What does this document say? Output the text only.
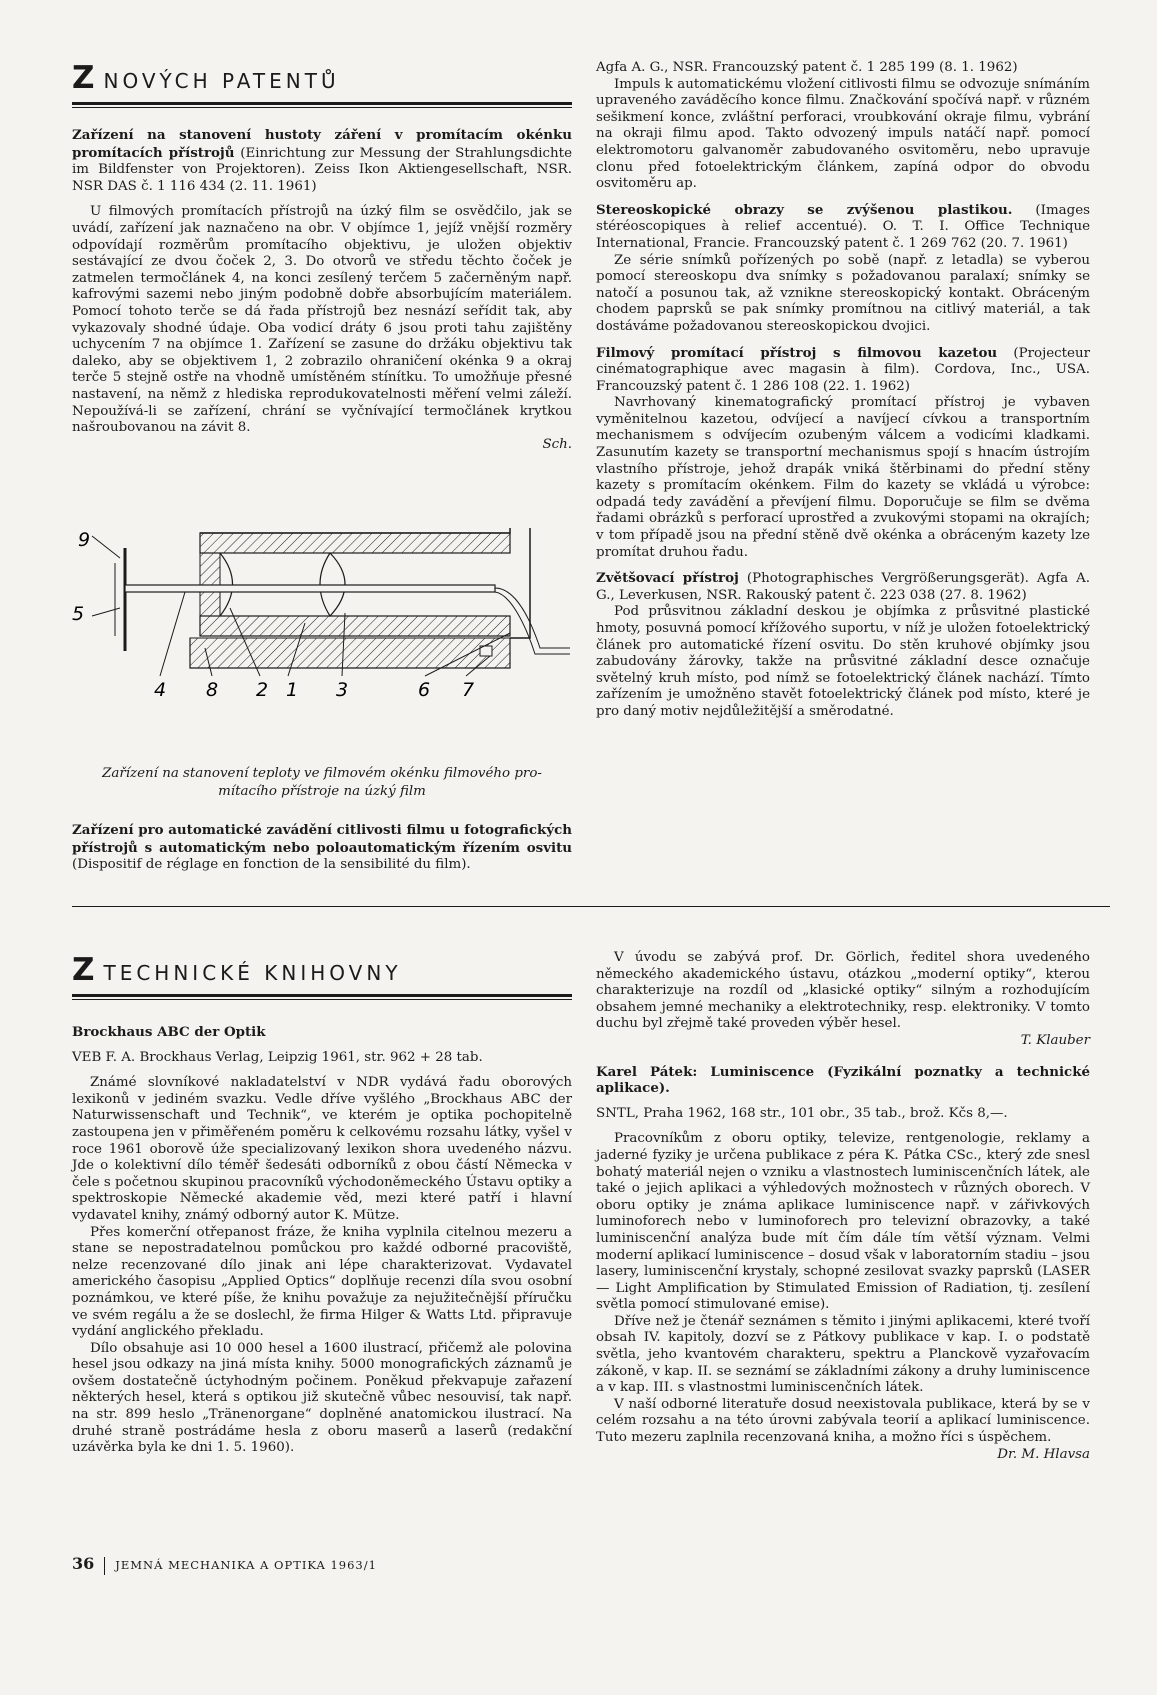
ZNOVÝCH PATENTŮ

Zařízení na stanovení hustoty záření v promítacím okénku promítacích přístrojů (Einrichtung zur Messung der Strahlungsdichte im Bildfenster von Projektoren). Zeiss Ikon Aktiengesellschaft, NSR. NSR DAS č. 1 116 434 (2. 11. 1961)

U filmových promítacích přístrojů na úzký film se osvědčilo, jak se uvádí, zařízení jak naznačeno na obr. V objímce 1, jejíž vnější rozměry odpovídají rozměrům promítacího objektivu, je uložen objektiv sestávající ze dvou čoček 2, 3. Do otvorů ve středu těchto čoček je zatmelen termočlánek 4, na konci zesílený terčem 5 začerněným např. kafrovými sazemi nebo jiným podobně dobře absorbujícím materiálem. Pomocí tohoto terče se dá řada přístrojů bez nesnází seřídit tak, aby vykazovaly shodné údaje. Oba vodicí dráty 6 jsou proti tahu zajištěny uchycením 7 na objímce 1. Zařízení se zasune do držáku objektivu tak daleko, aby se objektivem 1, 2 zobrazilo ohraničení okénka 9 a okraj terče 5 stejně ostře na vhodně umístěném stínítku. To umožňuje přesné nastavení, na němž z hlediska reprodukovatelnosti měření velmi záleží. Nepoužívá-li se zařízení, chrání se vyčnívající termočlánek krytkou našroubovanou na závit 8.

Sch.

9
5
4 8 2 1 3	6 7
Zařízení na stanovení teploty ve filmovém okénku filmového pro-
mítacího přístroje na úzký film

Zařízení pro automatické zavádění citlivosti filmu u fotografických přístrojů s automatickým nebo poloautomatickým řízením osvitu (Dispositif de réglage en fonction de la sensibilité du film).

Agfa A. G., NSR. Francouzský patent č. 1 285 199 (8. 1. 1962)

Impuls k automatickému vložení citlivosti filmu se odvozuje snímáním upraveného zaváděcího konce filmu. Značkování spočívá např. v různém sešikmení konce, zvláštní perforaci, vroubkování okraje filmu, vybrání na okraji filmu apod. Takto odvozený impuls natáčí např. pomocí elektromotoru galvanoměr zabudovaného osvitoměru, nebo upravuje clonu před fotoelektrickým článkem, zapíná odpor do obvodu osvitoměru ap.

Stereoskopické obrazy se zvýšenou plastikou. (Images stéréoscopiques à relief accentué). O. T. I. Office Technique International, Francie. Francouzský patent č. 1 269 762 (20. 7. 1961)

Ze série snímků pořízených po sobě (např. z letadla) se vyberou pomocí stereoskopu dva snímky s požadovanou paralaxí; snímky se natočí a posunou tak, až vznikne stereoskopický kontakt. Obráceným chodem paprsků se pak snímky promítnou na citlivý materiál, a tak dostáváme požadovanou stereoskopickou dvojici.

Filmový promítací přístroj s filmovou kazetou (Projecteur cinématographique avec magasin à film). Cordova, Inc., USA. Francouzský patent č. 1 286 108 (22. 1. 1962)

Navrhovaný kinematografický promítací přístroj je vybaven vyměnitelnou kazetou, odvíjecí a navíjecí cívkou a transportním mechanismem s odvíjecím ozubeným válcem a vodicími kladkami. Zasunutím kazety se transportní mechanismus spojí s hnacím ústrojím vlastního přístroje, jehož drapák vniká štěrbinami do přední stěny kazety s promítacím okénkem. Film do kazety se vkládá u výrobce: odpadá tedy zavádění a převíjení filmu. Doporučuje se film se dvěma řadami obrázků s perforací uprostřed a zvukovými stopami na okrajích; v tom případě jsou na přední stěně dvě okénka a obráceným kazety lze promítat druhou řadu.

Zvětšovací přístroj (Photographisches Vergrößerungsgerät). Agfa A. G., Leverkusen, NSR. Rakouský patent č. 223 038 (27. 8. 1962)

Pod průsvitnou základní deskou je objímka z průsvitné plastické hmoty, posuvná pomocí křížového suportu, v níž je uložen fotoelektrický článek pro automatické řízení osvitu. Do stěn kruhové objímky jsou zabudovány žárovky, takže na průsvitné základní desce označuje světelný kruh místo, pod nímž se fotoelektrický článek nachází. Tímto zařízením je umožněno stavět fotoelektrický článek pod místo, které je pro daný motiv nejdůležitější a směrodatné.

ZTECHNICKÉ KNIHOVNY

Brockhaus ABC der Optik

VEB F. A. Brockhaus Verlag, Leipzig 1961, str. 962 + 28 tab.

Známé slovníkové nakladatelství v NDR vydává řadu oborových lexikonů v jediném svazku. Vedle dříve vyšlého „Brockhaus ABC der Naturwissenschaft und Technik“, ve kterém je optika pochopitelně zastoupena jen v přiměřeném poměru k celkovému rozsahu látky, vyšel v roce 1961 oborově úže specializovaný lexikon shora uvedeného názvu. Jde o kolektivní dílo téměř šedesáti odborníků z obou částí Německa v čele s početnou skupinou pracovníků východoněmeckého Ústavu optiky a spektroskopie Německé akademie věd, mezi které patří i hlavní vydavatel knihy, známý odborný autor K. Mütze.

Přes komerční otřepanost fráze, že kniha vyplnila citelnou mezeru a stane se nepostradatelnou pomůckou pro každé odborné pracoviště, nelze recenzované dílo jinak ani lépe charakterizovat. Vydavatel amerického časopisu „Applied Optics“ doplňuje recenzi díla svou osobní poznámkou, ve které píše, že knihu považuje za nejužitečnější příručku ve svém regálu a že se doslechl, že firma Hilger & Watts Ltd. připravuje vydání anglického překladu.

Dílo obsahuje asi 10 000 hesel a 1600 ilustrací, přičemž ale polovina hesel jsou odkazy na jiná místa knihy. 5000 monografických záznamů je ovšem dostatečně úctyhodným počinem. Poněkud překvapuje zařazení některých hesel, která s optikou již skutečně vůbec nesouvisí, tak např. na str. 899 heslo „Tränenorgane“ doplněné anatomickou ilustrací. Na druhé straně postrádáme hesla z oboru maserů a laserů (redakční uzávěrka byla ke dni 1. 5. 1960).

V úvodu se zabývá prof. Dr. Görlich, ředitel shora uvedeného německého akademického ústavu, otázkou „moderní optiky“, kterou charakterizuje na rozdíl od „klasické optiky“ silným a rozhodujícím obsahem jemné mechaniky a elektrotechniky, resp. elektroniky. V tomto duchu byl zřejmě také proveden výběr hesel.

T. Klauber

Karel Pátek: Luminiscence (Fyzikální poznatky a technické aplikace).

SNTL, Praha 1962, 168 str., 101 obr., 35 tab., brož. Kčs 8,—.

Pracovníkům z oboru optiky, televize, rentgenologie, reklamy a jaderné fyziky je určena publikace z péra K. Pátka CSc., který zde snesl bohatý materiál nejen o vzniku a vlastnostech luminiscenčních látek, ale také o jejich aplikaci a výhledových možnostech v různých oborech. V oboru optiky je známa aplikace luminiscence např. v zářivkových luminoforech nebo v luminoforech pro televizní obrazovky, a také luminiscenční analýza bude mít čím dále tím větší význam. Velmi moderní aplikací luminiscence – dosud však v laboratorním stadiu – jsou lasery, luminiscenční krystaly, schopné zesilovat svazky paprsků (LASER — Light Amplification by Stimulated Emission of Radiation, tj. zesílení světla pomocí stimulované emise).

Dříve než je čtenář seznámen s těmito i jinými aplikacemi, které tvoří obsah IV. kapitoly, dozví se z Pátkovy publikace v kap. I. o podstatě světla, jeho kvantovém charakteru, spektru a Planckově vyzařovacím zákoně, v kap. II. se seznámí se základními zákony a druhy luminiscence a v kap. III. s vlastnostmi luminiscenčních látek.

V naší odborné literatuře dosud neexistovala publikace, která by se v celém rozsahu a na této úrovni zabývala teorií a aplikací luminiscence. Tuto mezeru zaplnila recenzovaná kniha, a možno říci s úspěchem.

Dr. M. Hlavsa

36 JEMNÁ MECHANIKA A OPTIKA 1963/1
